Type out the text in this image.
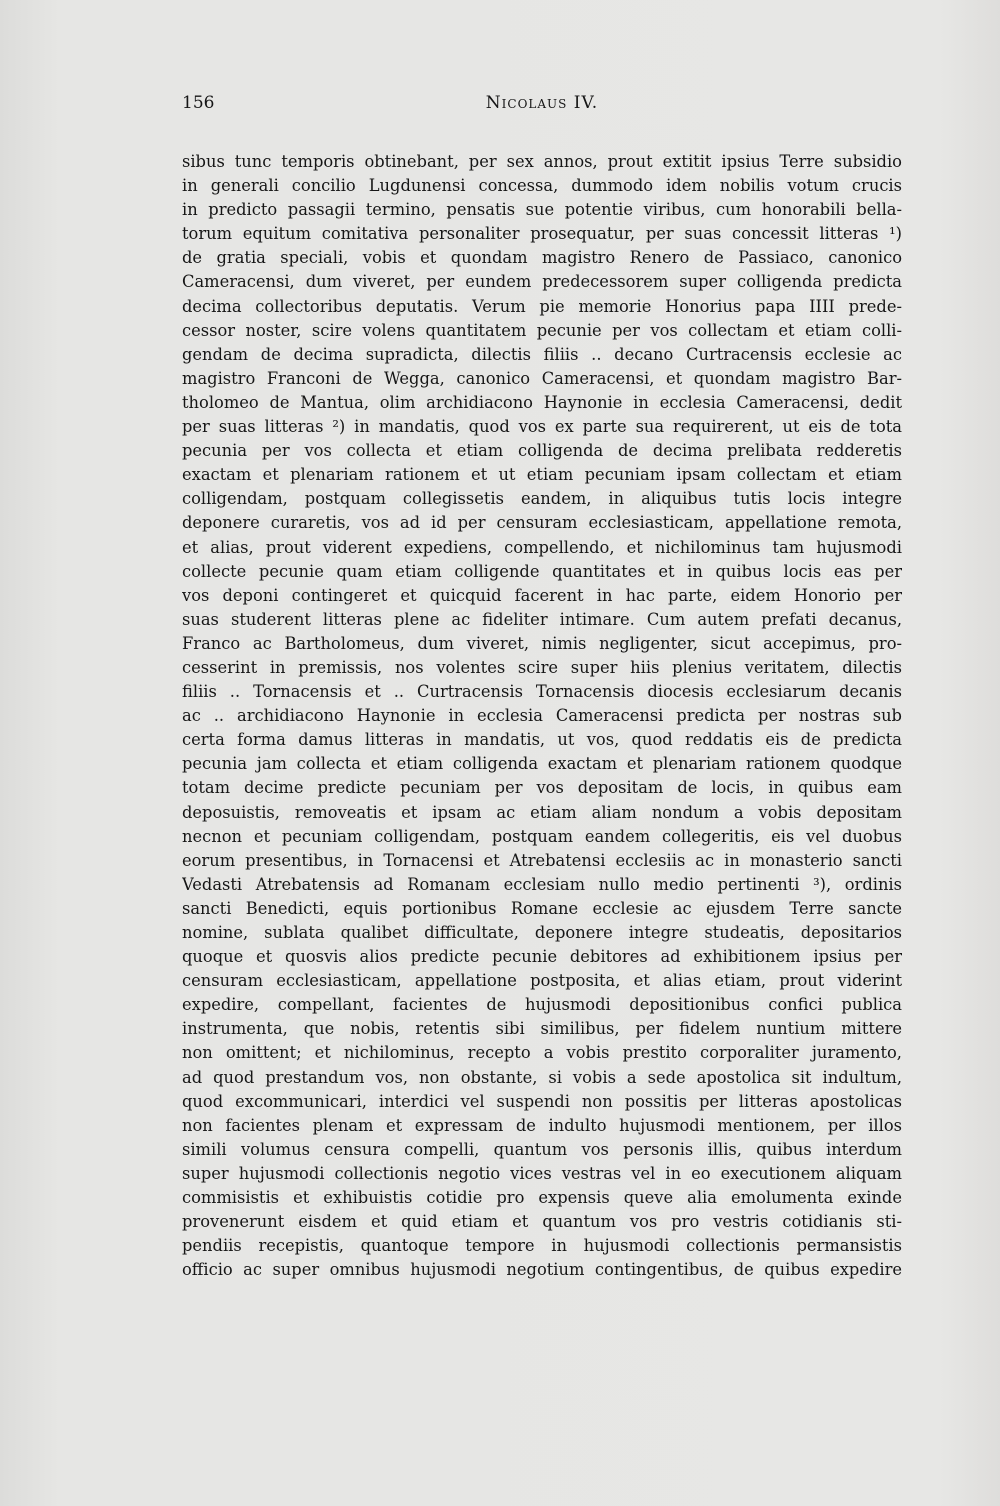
156	Nicolaus IV.
sibus tunc temporis obtinebant, per sex annos, prout extitit ipsius Terre subsidio
in generali concilio Lugdunensi concessa, dummodo idem nobilis votum crucis
in predicto passagii termino, pensatis sue potentie viribus, cum honorabili bella-
torum equitum comitativa personaliter prosequatur, per suas concessit litteras ¹)
de gratia speciali, vobis et quondam magistro Renero de Passiaco, canonico
Cameracensi, dum viveret, per eundem predecessorem super colligenda predicta
decima collectoribus deputatis. Verum pie memorie Honorius papa IIII prede-
cessor noster, scire volens quantitatem pecunie per vos collectam et etiam colli-
gendam de decima supradicta, dilectis filiis .. decano Curtracensis ecclesie ac
magistro Franconi de Wegga, canonico Cameracensi, et quondam magistro Bar-
tholomeo de Mantua, olim archidiacono Haynonie in ecclesia Cameracensi, dedit
per suas litteras ²) in mandatis, quod vos ex parte sua requirerent, ut eis de tota
pecunia per vos collecta et etiam colligenda de decima prelibata redderetis
exactam et plenariam rationem et ut etiam pecuniam ipsam collectam et etiam
colligendam, postquam collegissetis eandem, in aliquibus tutis locis integre
deponere curaretis, vos ad id per censuram ecclesiasticam, appellatione remota,
et alias, prout viderent expediens, compellendo, et nichilominus tam hujusmodi
collecte pecunie quam etiam colligende quantitates et in quibus locis eas per
vos deponi contingeret et quicquid facerent in hac parte, eidem Honorio per
suas studerent litteras plene ac fideliter intimare. Cum autem prefati decanus,
Franco ac Bartholomeus, dum viveret, nimis negligenter, sicut accepimus, pro-
cesserint in premissis, nos volentes scire super hiis plenius veritatem, dilectis
filiis .. Tornacensis et .. Curtracensis Tornacensis diocesis ecclesiarum decanis
ac .. archidiacono Haynonie in ecclesia Cameracensi predicta per nostras sub
certa forma damus litteras in mandatis, ut vos, quod reddatis eis de predicta
pecunia jam collecta et etiam colligenda exactam et plenariam rationem quodque
totam decime predicte pecuniam per vos depositam de locis, in quibus eam
deposuistis, removeatis et ipsam ac etiam aliam nondum a vobis depositam
necnon et pecuniam colligendam, postquam eandem collegeritis, eis vel duobus
eorum presentibus, in Tornacensi et Atrebatensi ecclesiis ac in monasterio sancti
Vedasti Atrebatensis ad Romanam ecclesiam nullo medio pertinenti ³), ordinis
sancti Benedicti, equis portionibus Romane ecclesie ac ejusdem Terre sancte
nomine, sublata qualibet difficultate, deponere integre studeatis, depositarios
quoque et quosvis alios predicte pecunie debitores ad exhibitionem ipsius per
censuram ecclesiasticam, appellatione postposita, et alias etiam, prout viderint
expedire, compellant, facientes de hujusmodi depositionibus confici publica
instrumenta, que nobis, retentis sibi similibus, per fidelem nuntium mittere
non omittent; et nichilominus, recepto a vobis prestito corporaliter juramento,
ad quod prestandum vos, non obstante, si vobis a sede apostolica sit indultum,
quod excommunicari, interdici vel suspendi non possitis per litteras apostolicas
non facientes plenam et expressam de indulto hujusmodi mentionem, per illos
simili volumus censura compelli, quantum vos personis illis, quibus interdum
super hujusmodi collectionis negotio vices vestras vel in eo executionem aliquam
commisistis et exhibuistis cotidie pro expensis queve alia emolumenta exinde
provenerunt eisdem et quid etiam et quantum vos pro vestris cotidianis sti-
pendiis recepistis, quantoque tempore in hujusmodi collectionis permansistis
officio ac super omnibus hujusmodi negotium contingentibus, de quibus expedire
